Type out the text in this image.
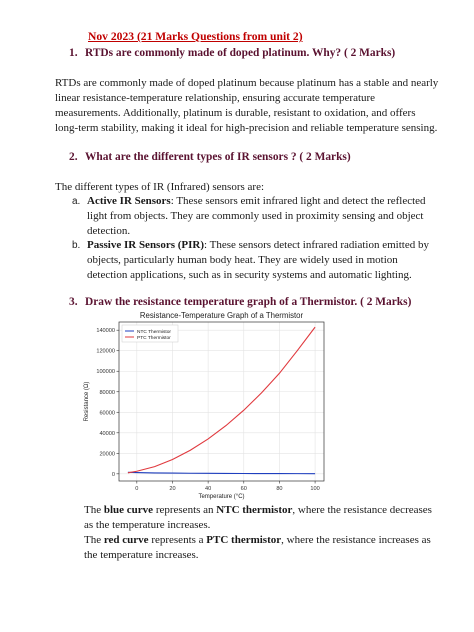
Nov 2023 (21 Marks Questions from unit 2)
1. RTDs are commonly made of doped platinum. Why? ( 2 Marks)

RTDs are commonly made of doped platinum because platinum has a stable and nearly

linear resistance-temperature relationship, ensuring accurate temperature

measurements. Additionally, platinum is durable, resistant to oxidation, and offers

long-term stability, making it ideal for high-precision and reliable temperature sensing.

2. What are the different types of IR sensors ? ( 2 Marks)

The different types of IR (Infrared) sensors are:

a. Active IR Sensors: These sensors emit infrared light and detect the reflected

light from objects. They are commonly used in proximity sensing and object

detection.

b. Passive IR Sensors (PIR): These sensors detect infrared radiation emitted by

objects, particularly human body heat. They are widely used in motion

detection applications, such as in security systems and automatic lighting.

3. Draw the resistance temperature graph of a Thermistor. ( 2 Marks)
Resistance-Temperature Graph of a Thermistor
0	20	40	60	80	100
0
20000
40000
60000
80000
100000
120000
140000
Temperature (°C)
Resistance (Ω)
NTC Thermistor
PTC Thermistor

The blue curve represents an NTC thermistor, where the resistance decreases

as the temperature increases.

The red curve represents a PTC thermistor, where the resistance increases as

the temperature increases.
